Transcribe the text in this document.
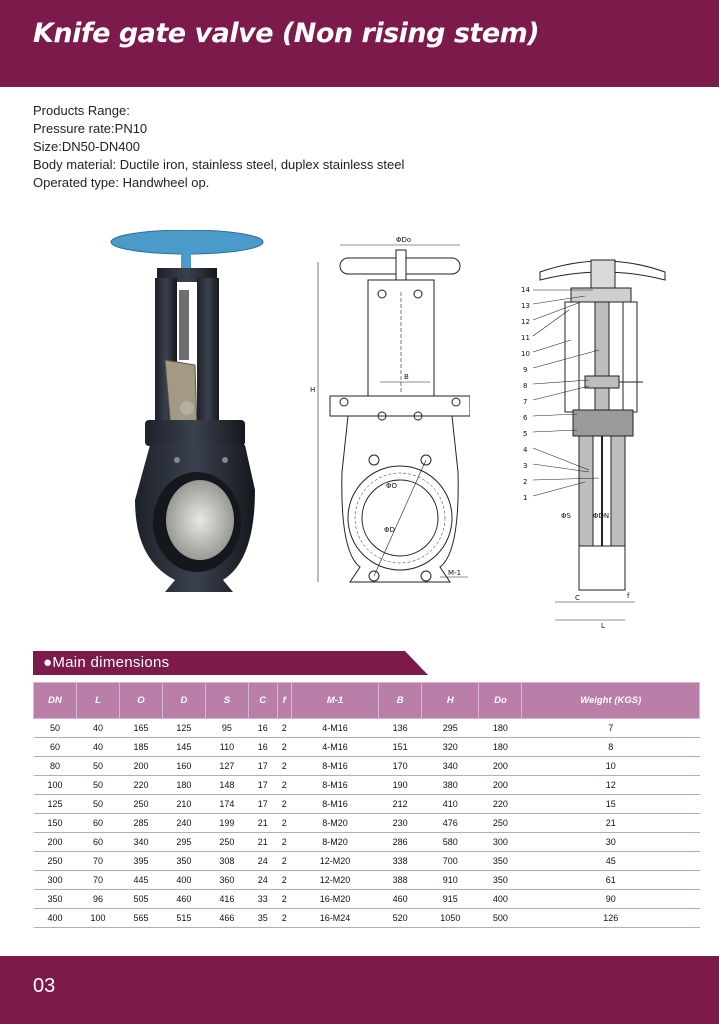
Knife gate valve (Non rising stem)
Products Range:
Pressure rate:PN10
Size:DN50-DN400
Body material: Ductile iron, stainless steel, duplex stainless steel
Operated type: Handwheel op.
ΦDo
H
B
ΦD
ΦO
M-1
14
13
12
11
10
9
8
7
6
5
4
3
2
1
ΦS	ΦDN
C	f
L
●Main dimensions
DN	L	O	D	S	C	f	M-1	B	H	Do	Weight (KGS)
50	40	165	125	95	16	2	4-M16	136	295	180	7
60	40	185	145	110	16	2	4-M16	151	320	180	8
80	50	200	160	127	17	2	8-M16	170	340	200	10
100	50	220	180	148	17	2	8-M16	190	380	200	12
125	50	250	210	174	17	2	8-M16	212	410	220	15
150	60	285	240	199	21	2	8-M20	230	476	250	21
200	60	340	295	250	21	2	8-M20	286	580	300	30
250	70	395	350	308	24	2	12-M20	338	700	350	45
300	70	445	400	360	24	2	12-M20	388	910	350	61
350	96	505	460	416	33	2	16-M20	460	915	400	90
400	100	565	515	466	35	2	16-M24	520	1050	500	126
03
